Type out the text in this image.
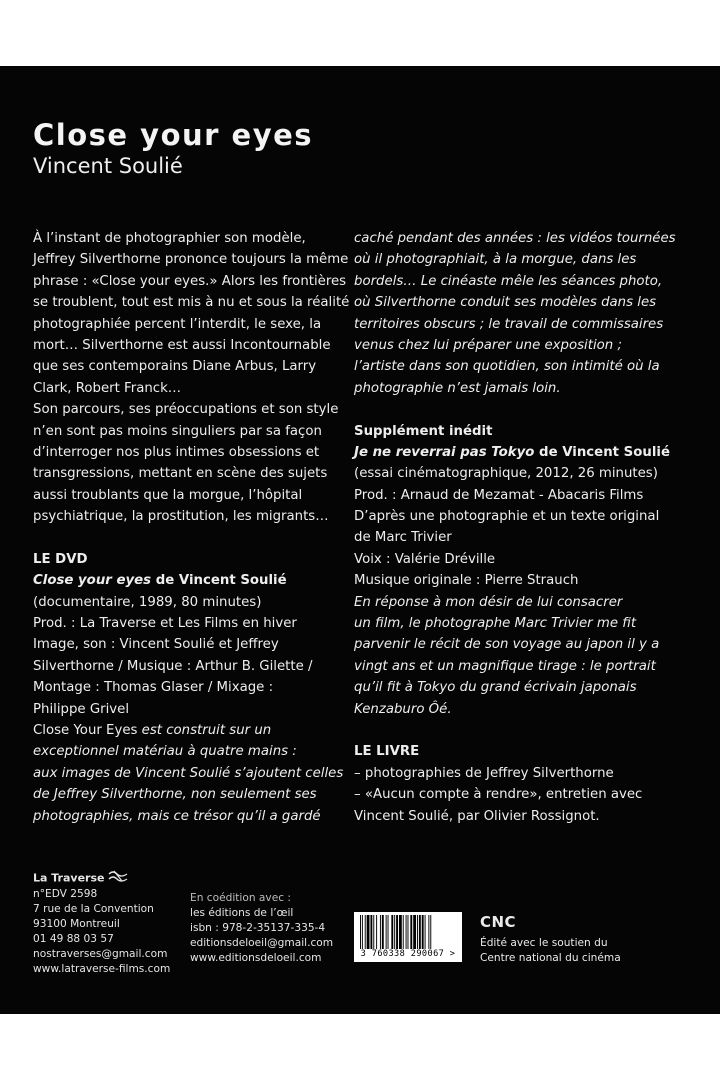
Close your eyes
Vincent Soulié
À l’instant de photographier son modèle,
Jeffrey Silverthorne prononce toujours la même
phrase : «Close your eyes.» Alors les frontières
se troublent, tout est mis à nu et sous la réalité
photographiée percent l’interdit, le sexe, la
mort… Silverthorne est aussi Incontournable
que ses contemporains Diane Arbus, Larry
Clark, Robert Franck…
Son parcours, ses préoccupations et son style
n’en sont pas moins singuliers par sa façon
d’interroger nos plus intimes obsessions et
transgressions, mettant en scène des sujets
aussi troublants que la morgue, l’hôpital
psychiatrique, la prostitution, les migrants…
LE DVD
Close your eyes de Vincent Soulié
(documentaire, 1989, 80 minutes)
Prod. : La Traverse et Les Films en hiver
Image, son : Vincent Soulié et Jeffrey
Silverthorne / Musique : Arthur B. Gilette /
Montage : Thomas Glaser / Mixage :
Philippe Grivel
Close Your Eyes est construit sur un
exceptionnel matériau à quatre mains :
aux images de Vincent Soulié s’ajoutent celles
de Jeffrey Silverthorne, non seulement ses
photographies, mais ce trésor qu’il a gardé
caché pendant des années : les vidéos tournées
où il photographiait, à la morgue, dans les
bordels… Le cinéaste mêle les séances photo,
où Silverthorne conduit ses modèles dans les
territoires obscurs ; le travail de commissaires
venus chez lui préparer une exposition ;
l’artiste dans son quotidien, son intimité où la
photographie n’est jamais loin.
Supplément inédit
Je ne reverrai pas Tokyo de Vincent Soulié
(essai cinématographique, 2012, 26 minutes)
Prod. : Arnaud de Mezamat - Abacaris Films
D’après une photographie et un texte original
de Marc Trivier
Voix : Valérie Dréville
Musique originale : Pierre Strauch
En réponse à mon désir de lui consacrer
un film, le photographe Marc Trivier me fit
parvenir le récit de son voyage au japon il y a
vingt ans et un magnifique tirage : le portrait
qu’il fit à Tokyo du grand écrivain japonais
Kenzaburo Ôé.
LE LIVRE
– photographies de Jeffrey Silverthorne
– «Aucun compte à rendre», entretien avec
Vincent Soulié, par Olivier Rossignot.
La Traverse
n°EDV 2598
7 rue de la Convention
93100 Montreuil
01 49 88 03 57
nostraverses@gmail.com
www.latraverse-films.com
En coédition avec :
les éditions de l’œil
isbn : 978-2-35137-335-4
editionsdeloeil@gmail.com
www.editionsdeloeil.com	3 760338 290067 >
CNC
Édité avec le soutien du
Centre national du cinéma
